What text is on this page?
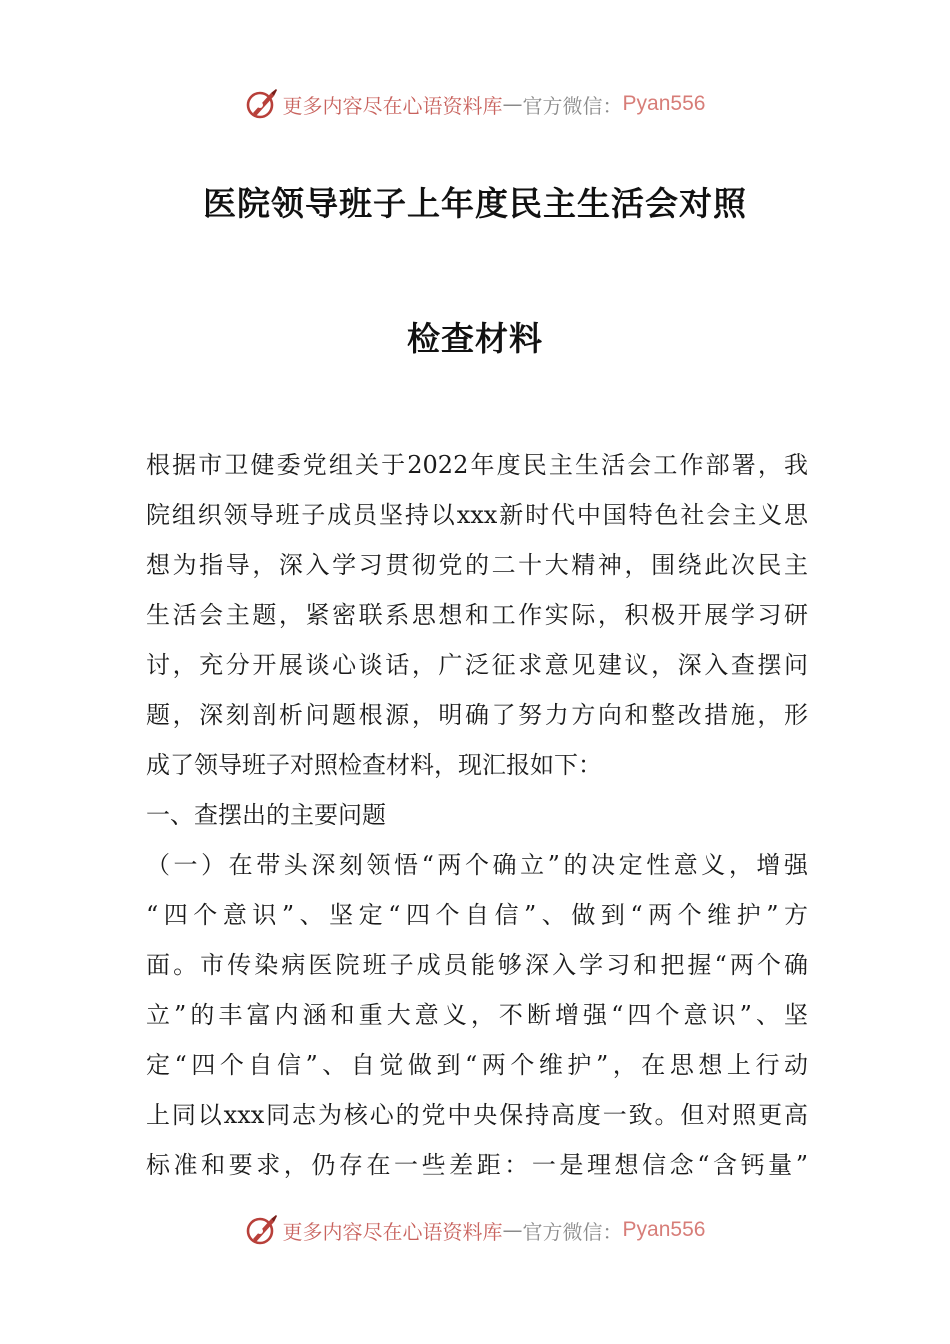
更多内容尽在心语资料库 — 官方微信： Pyan556
医院领导班子上年度民主生活会对照
检查材料
根据市卫健委党组关于2022年度民主生活会工作部署，我
院组织领导班子成员坚持以xxx新时代中国特色社会主义思
想为指导，深入学习贯彻党的二十大精神，围绕此次民主
生活会主题，紧密联系思想和工作实际，积极开展学习研
讨，充分开展谈心谈话，广泛征求意见建议，深入查摆问
题，深刻剖析问题根源，明确了努力方向和整改措施，形
成了领导班子对照检查材料，现汇报如下：
一、查摆出的主要问题
（一）在带头深刻领悟“两个确立”的决定性意义，增强
“四个意识”、坚定“四个自信”、做到“两个维护”方
面。市传染病医院班子成员能够深入学习和把握“两个确
立”的丰富内涵和重大意义，不断增强“四个意识”、坚
定“四个自信”、自觉做到“两个维护”，在思想上行动
上同以xxx同志为核心的党中央保持高度一致。但对照更高
标准和要求，仍存在一些差距：一是理想信念“含钙量”
更多内容尽在心语资料库 — 官方微信： Pyan556
